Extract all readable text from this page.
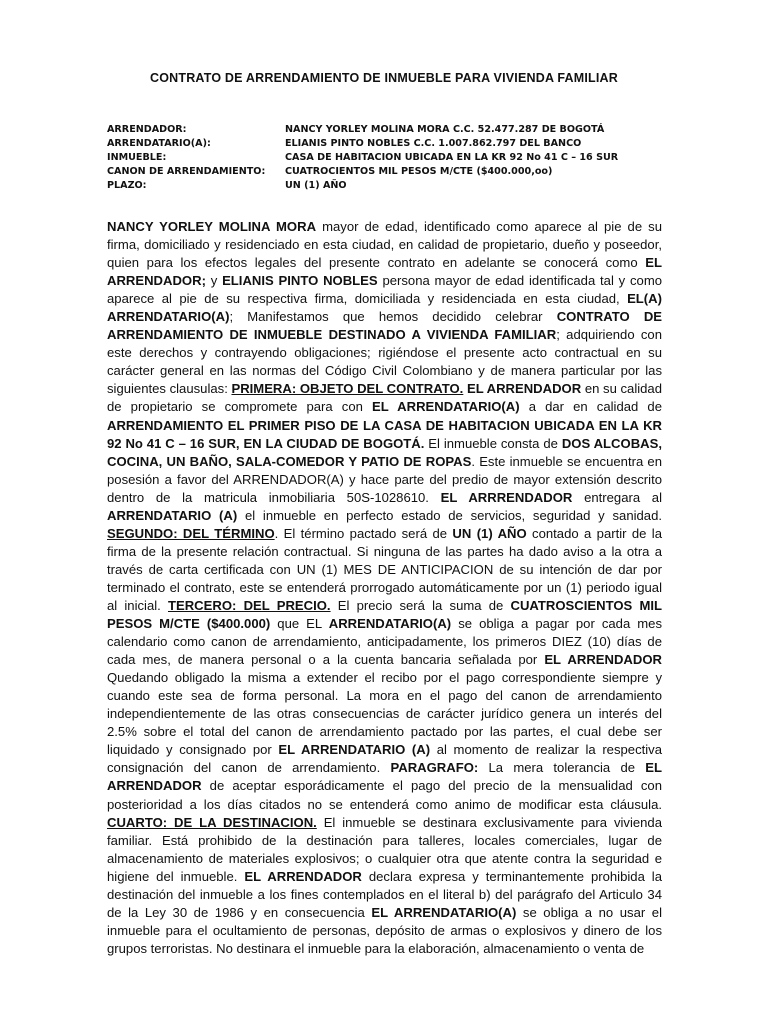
CONTRATO DE ARRENDAMIENTO DE INMUEBLE PARA VIVIENDA FAMILIAR
ARRENDADOR:	NANCY YORLEY MOLINA MORA C.C. 52.477.287 DE BOGOTÁ
ARRENDATARIO(A):	ELIANIS PINTO NOBLES C.C. 1.007.862.797 DEL BANCO
INMUEBLE:	CASA DE HABITACION UBICADA EN LA KR 92 No 41 C – 16 SUR
CANON DE ARRENDAMIENTO:	CUATROCIENTOS MIL PESOS M/CTE ($400.000,oo)
PLAZO:	UN (1) AÑO
NANCY YORLEY MOLINA MORA mayor de edad, identificado como aparece al pie de su firma, domiciliado y residenciado en esta ciudad, en calidad de propietario, dueño y poseedor, quien para los efectos legales del presente contrato en adelante se conocerá como EL ARRENDADOR; y ELIANIS PINTO NOBLES persona mayor de edad identificada tal y como aparece al pie de su respectiva firma, domiciliada y residenciada en esta ciudad, EL(A) ARRENDATARIO(A); Manifestamos que hemos decidido celebrar CONTRATO DE ARRENDAMIENTO DE INMUEBLE DESTINADO A VIVIENDA FAMILIAR; adquiriendo con este derechos y contrayendo obligaciones; rigiéndose el presente acto contractual en su carácter general en las normas del Código Civil Colombiano y de manera particular por las siguientes clausulas: PRIMERA: OBJETO DEL CONTRATO. EL ARRENDADOR en su calidad de propietario se compromete para con EL ARRENDATARIO(A) a dar en calidad de ARRENDAMIENTO EL PRIMER PISO DE LA CASA DE HABITACION UBICADA EN LA KR 92 No 41 C – 16 SUR, EN LA CIUDAD DE BOGOTÁ. El inmueble consta de DOS ALCOBAS, COCINA, UN BAÑO, SALA-COMEDOR Y PATIO DE ROPAS. Este inmueble se encuentra en posesión a favor del ARRENDADOR(A) y hace parte del predio de mayor extensión descrito dentro de la matricula inmobiliaria 50S-1028610. EL ARRRENDADOR entregara al ARRENDATARIO (A) el inmueble en perfecto estado de servicios, seguridad y sanidad. SEGUNDO: DEL TÉRMINO. El término pactado será de UN (1) AÑO contado a partir de la firma de la presente relación contractual. Si ninguna de las partes ha dado aviso a la otra a través de carta certificada con UN (1) MES DE ANTICIPACION de su intención de dar por terminado el contrato, este se entenderá prorrogado automáticamente por un (1) periodo igual al inicial. TERCERO: DEL PRECIO. El precio será la suma de CUATROSCIENTOS MIL PESOS M/CTE ($400.000) que EL ARRENDATARIO(A) se obliga a pagar por cada mes calendario como canon de arrendamiento, anticipadamente, los primeros DIEZ (10) días de cada mes, de manera personal o a la cuenta bancaria señalada por EL ARRENDADOR Quedando obligado la misma a extender el recibo por el pago correspondiente siempre y cuando este sea de forma personal. La mora en el pago del canon de arrendamiento independientemente de las otras consecuencias de carácter jurídico genera un interés del 2.5% sobre el total del canon de arrendamiento pactado por las partes, el cual debe ser liquidado y consignado por EL ARRENDATARIO (A) al momento de realizar la respectiva consignación del canon de arrendamiento. PARAGRAFO: La mera tolerancia de EL ARRENDADOR de aceptar esporádicamente el pago del precio de la mensualidad con posterioridad a los días citados no se entenderá como animo de modificar esta cláusula. CUARTO: DE LA DESTINACION. El inmueble se destinara exclusivamente para vivienda familiar. Está prohibido de la destinación para talleres, locales comerciales, lugar de almacenamiento de materiales explosivos; o cualquier otra que atente contra la seguridad e higiene del inmueble. EL ARRENDADOR declara expresa y terminantemente prohibida la destinación del inmueble a los fines contemplados en el literal b) del parágrafo del Articulo 34 de la Ley 30 de 1986 y en consecuencia EL ARRENDATARIO(A) se obliga a no usar el inmueble para el ocultamiento de personas, depósito de armas o explosivos y dinero de los grupos terroristas. No destinara el inmueble para la elaboración, almacenamiento o venta de
